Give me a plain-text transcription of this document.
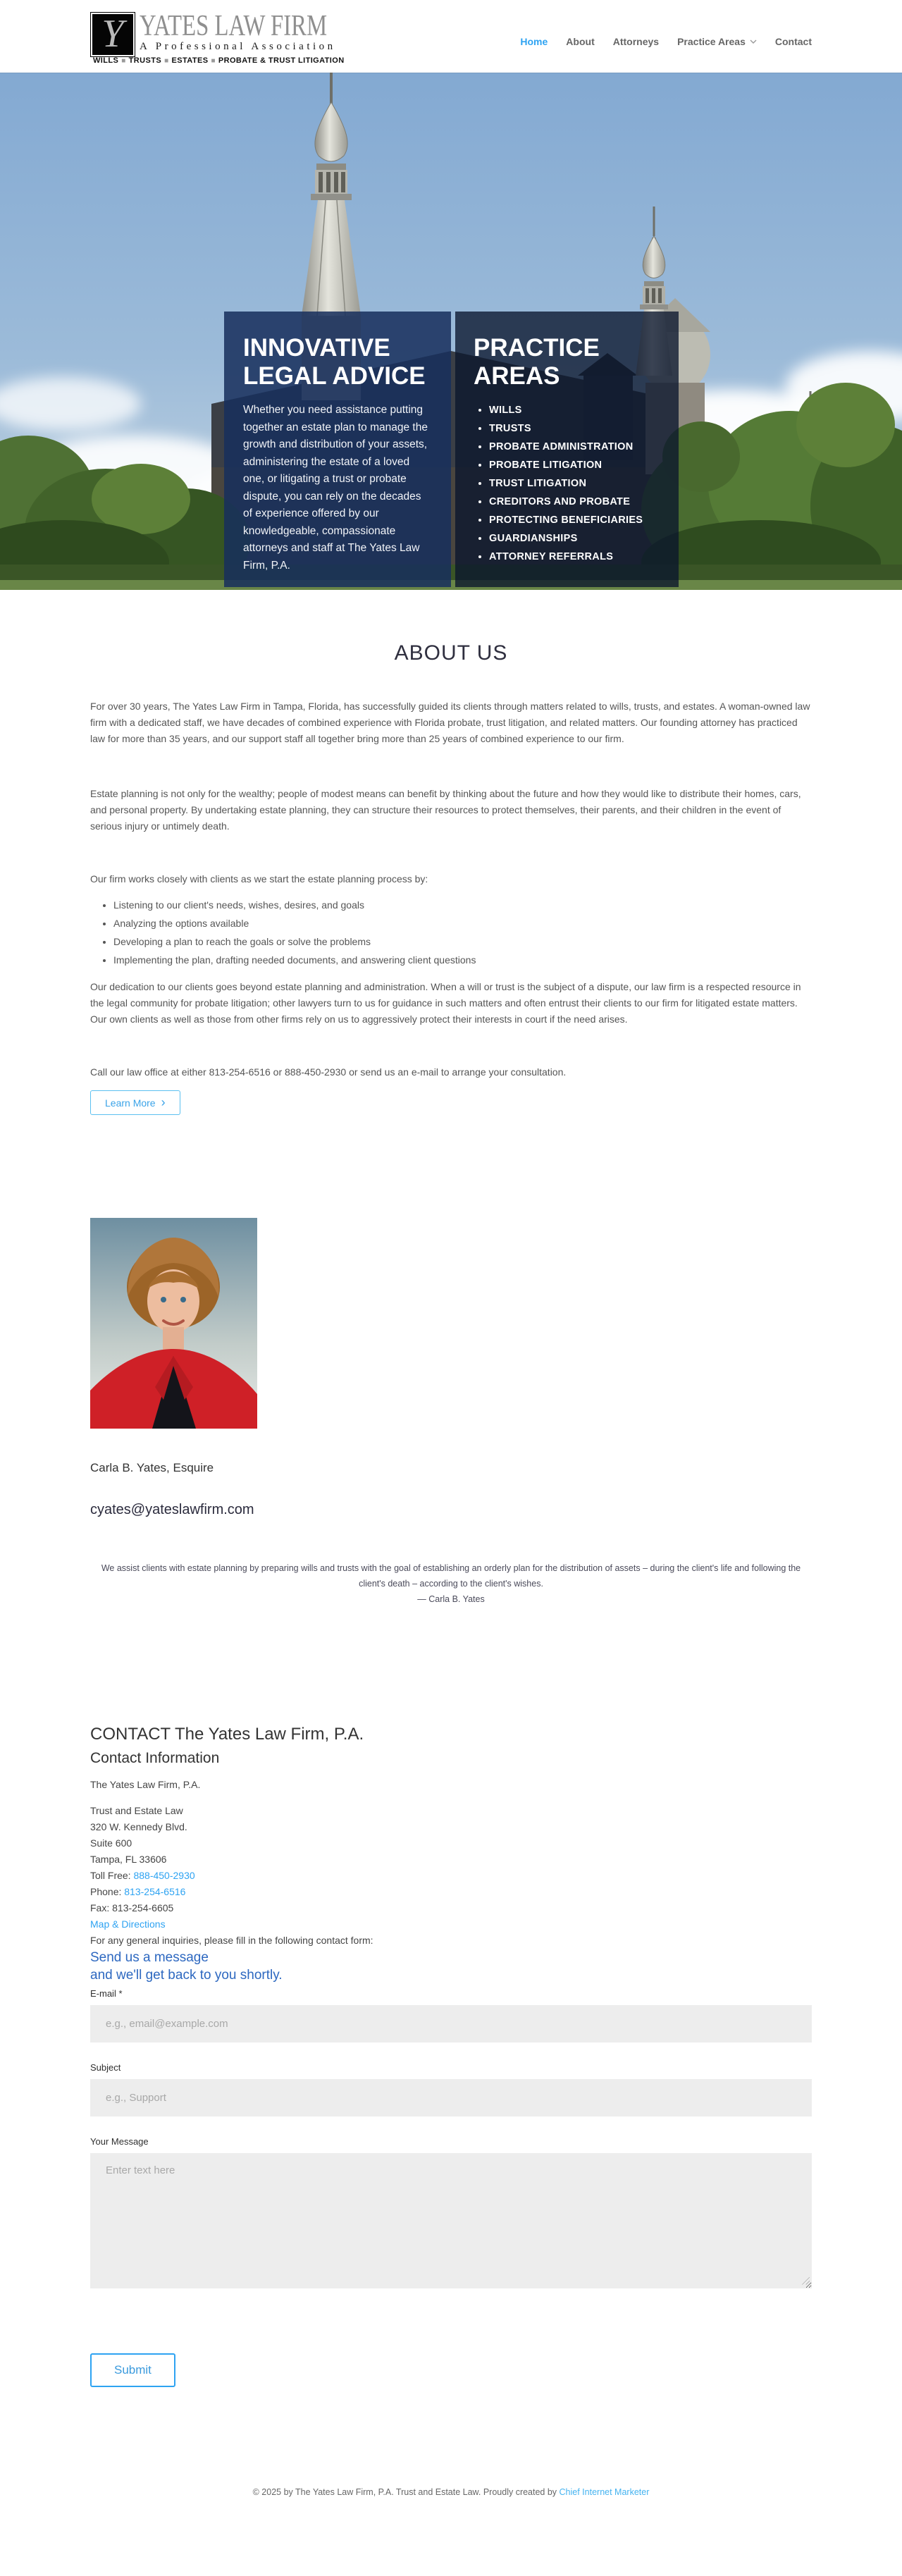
Y YATES LAW FIRM
A Professional Association
WILLS ■ TRUSTS ■ ESTATES ■ PROBATE & TRUST LITIGATION
Home About Attorneys Practice Areas	Contact
INNOVATIVE LEGAL ADVICE

Whether you need assistance putting together an estate plan to manage the growth and distribution of your assets, administering the estate of a loved one, or litigating a trust or probate dispute, you can rely on the decades of experience offered by our knowledgeable, compassionate attorneys and staff at The Yates Law Firm, P.A.

PRACTICE AREAS
• WILLS
• TRUSTS
• PROBATE ADMINISTRATION
• PROBATE LITIGATION
• TRUST LITIGATION
• CREDITORS AND PROBATE
• PROTECTING BENEFICIARIES
• GUARDIANSHIPS
• ATTORNEY REFERRALS
ABOUT US

For over 30 years, The Yates Law Firm in Tampa, Florida, has successfully guided its clients through matters related to wills, trusts, and estates. A woman-owned law firm with a dedicated staff, we have decades of combined experience with Florida probate, trust litigation, and related matters. Our founding attorney has practiced law for more than 35 years, and our support staff all together bring more than 25 years of combined experience to our firm.

Estate planning is not only for the wealthy; people of modest means can benefit by thinking about the future and how they would like to distribute their homes, cars, and personal property. By undertaking estate planning, they can structure their resources to protect themselves, their parents, and their children in the event of serious injury or untimely death.

Our firm works closely with clients as we start the estate planning process by:

• Listening to our client's needs, wishes, desires, and goals
• Analyzing the options available
• Developing a plan to reach the goals or solve the problems
• Implementing the plan, drafting needed documents, and answering client questions

Our dedication to our clients goes beyond estate planning and administration. When a will or trust is the subject of a dispute, our law firm is a respected resource in the legal community for probate litigation; other lawyers turn to us for guidance in such matters and often entrust their clients to our firm for litigated estate matters. Our own clients as well as those from other firms rely on us to aggressively protect their interests in court if the need arises.

Call our law office at either 813-254-6516 or 888-450-2930 or send us an e-mail to arrange your consultation.

Learn More ›
Carla B. Yates, Esquire
cyates@yateslawfirm.com

We assist clients with estate planning by preparing wills and trusts with the goal of establishing an orderly plan for the distribution of assets – during the client's life and following the client's death – according to the client's wishes.
— Carla B. Yates

CONTACT The Yates Law Firm, P.A.
Contact Information
The Yates Law Firm, P.A.
Trust and Estate Law
320 W. Kennedy Blvd.
Suite 600
Tampa, FL 33606
Toll Free: 888-450-2930
Phone: 813-254-6516
Fax: 813-254-6605
Map & Directions
For any general inquiries, please fill in the following contact form:
Send us a message
and we'll get back to you shortly.
E-mail *
e.g., email@example.com
Subject
e.g., Support
Your Message
Enter text here
Submit

© 2025 by The Yates Law Firm, P.A. Trust and Estate Law. Proudly created by Chief Internet Marketer
